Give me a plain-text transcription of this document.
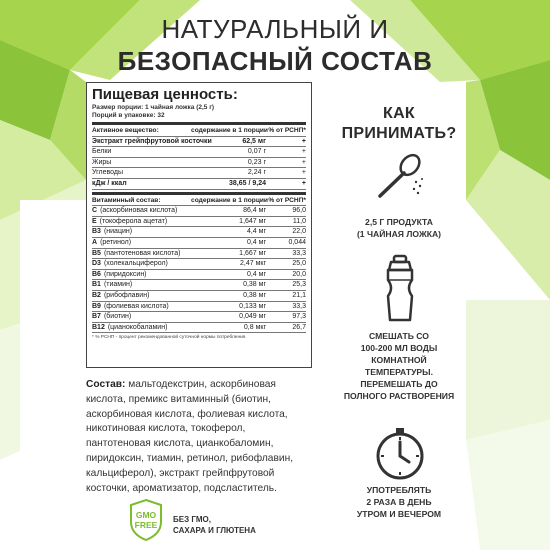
НАТУРАЛЬНЫЙ И
БЕЗОПАСНЫЙ СОСТАВ
Пищевая ценность:
Размер порции: 1 чайная ложка (2,5 г)
Порций в упаковке: 32
Активное вещество:	содержание в 1 порции % от РСНП*
Экстракт грейпфрутовой косточки	62,5 мг	+
Белки	0,07 г	+
Жиры	0,23 г	+
Углеводы	2,24 г	+
кДж / ккал	38,65 / 9,24	+
Витаминный состав:	содержание в 1 порции % от РСНП*
C (аскорбиновая кислота)	86,4 мг	96,0
E (токоферола ацетат)	1,647 мг	11,0
B3 (ниацин)	4,4 мг	22,0
A (ретинол)	0,4 мг	0,044
B5 (пантотеновая кислота)	1,667 мг	33,3
D3 (холекальциферол)	2,47 мкг	25,0
B6 (пиридоксин)	0,4 мг	20,0
B1 (тиамин)	0,38 мг	25,3
B2 (рибофлавин)	0,38 мг	21,1
B9 (фолиевая кислота)	0,133 мг	33,3
B7 (биотин)	0,049 мг	97,3
B12 (цианокобаламин)	0,8 мкг	26,7
* % РСНП - процент рекомендованной суточной нормы потребления.
Состав: мальтодекстрин, аскорбиновая кислота, премикс витаминный (биотин, аскорбиновая кислота, фолиевая кислота, никотиновая кислота, токоферол, пантотеновая кислота, цианкобаломин, пиридоксин, тиамин, ретинол, рибофлавин, кальциферол), экстракт грейпфрутовой косточки, ароматизатор, подсластитель.
GMO
FREE
БЕЗ ГМО,
САХАРА И ГЛЮТЕНА
КАК
ПРИНИМАТЬ?
2,5 Г ПРОДУКТА
(1 ЧАЙНАЯ ЛОЖКА)
СМЕШАТЬ СО
100-200 МЛ ВОДЫ
КОМНАТНОЙ
ТЕМПЕРАТУРЫ.
ПЕРЕМЕШАТЬ ДО
ПОЛНОГО РАСТВОРЕНИЯ
УПОТРЕБЛЯТЬ
2 РАЗА В ДЕНЬ
УТРОМ И ВЕЧЕРОМ
